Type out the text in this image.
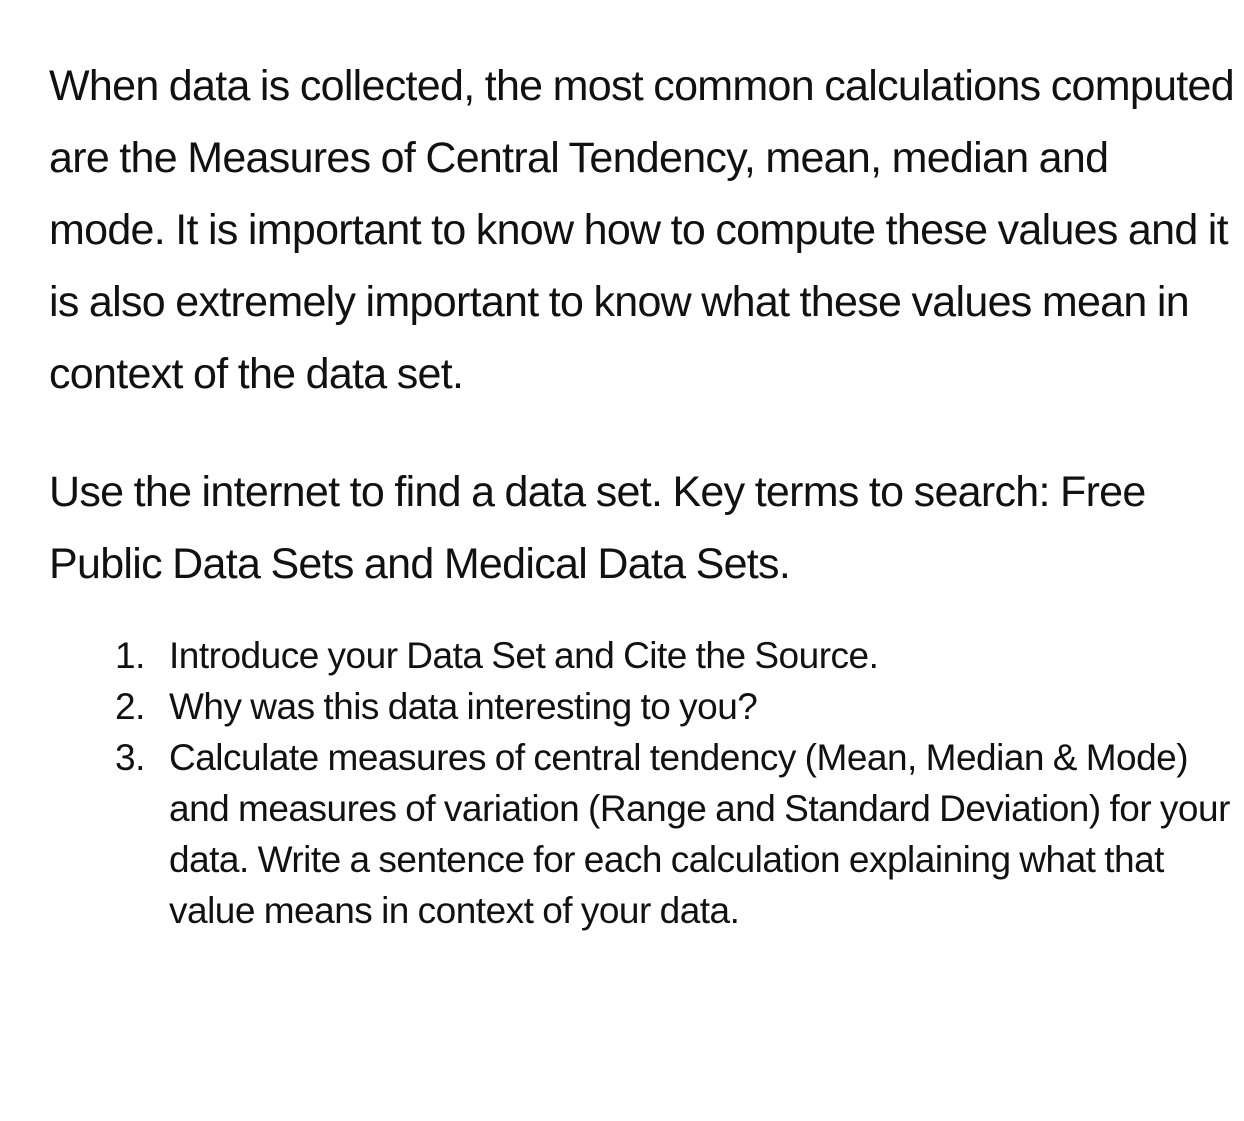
When data is collected, the most common calculations computed are the Measures of Central Tendency, mean, median and mode. It is important to know how to compute these values and it is also extremely important to know what these values mean in context of the data set.

Use the internet to find a data set. Key terms to search: Free Public Data Sets and Medical Data Sets.

1. Introduce your Data Set and Cite the Source.
2. Why was this data interesting to you?
3. Calculate measures of central tendency (Mean, Median & Mode) and measures of variation (Range and Standard Deviation) for your data. Write a sentence for each calculation explaining what that value means in context of your data.
